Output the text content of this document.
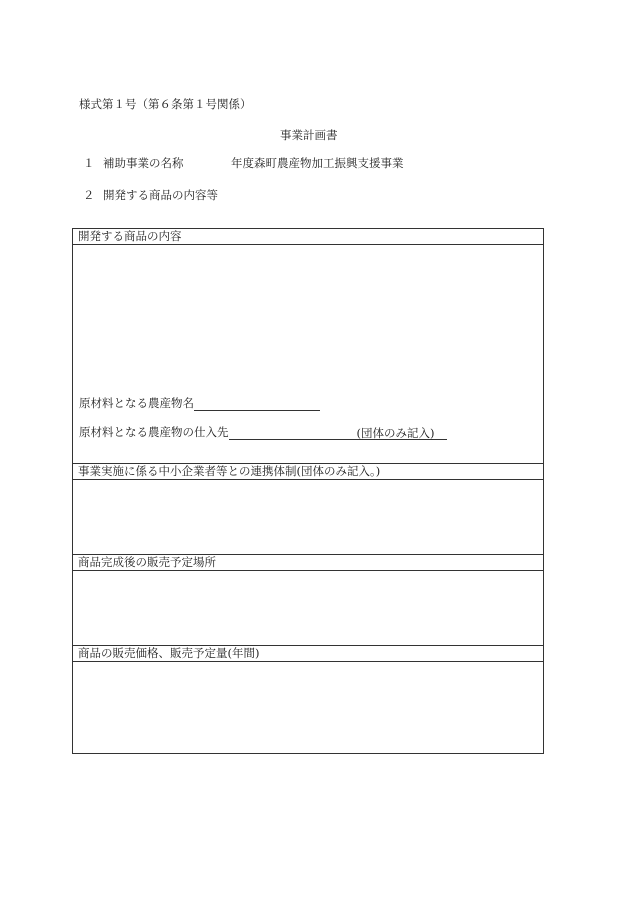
様式第１号（第６条第１号関係）
事業計画書
１ 補助事業の名称	年度森町農産物加工振興支援事業
２ 開発する商品の内容等
開発する商品の内容
原材料となる農産物名
原材料となる農産物の仕入先	(団体のみ記入)
事業実施に係る中小企業者等との連携体制(団体のみ記入。)
商品完成後の販売予定場所
商品の販売価格、販売予定量(年間)
